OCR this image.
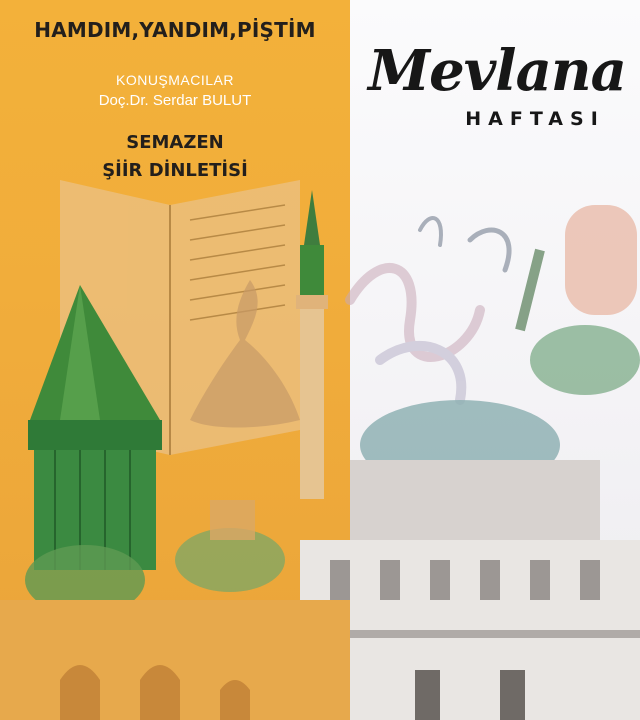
HAMDIM,YANDIM,PİŞTİM
KONUŞMACILAR
Doç.Dr. Serdar BULUT
SEMAZEN
ŞİİR DİNLETİSİ
Mevlana
HAFTASI
